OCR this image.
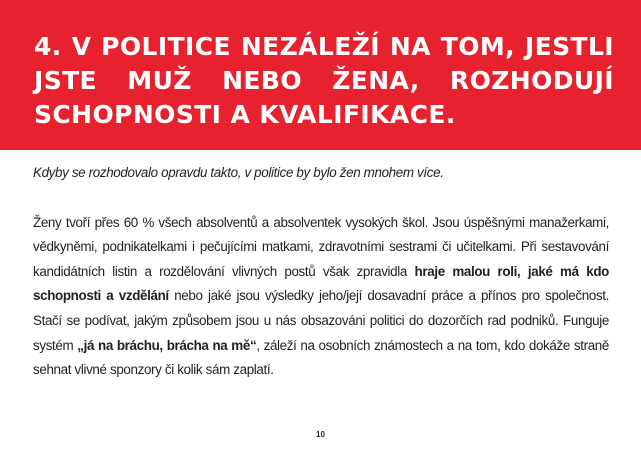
4. V POLITICE NEZÁLEŽÍ NA TOM, JESTLI JSTE MUŽ NEBO ŽENA, ROZHODUJÍ SCHOPNOSTI A KVALIFIKACE.

Kdyby se rozhodovalo opravdu takto, v politice by bylo žen mnohem více.

Ženy tvoří přes 60 % všech absolventů a absolventek vysokých škol. Jsou úspěšnými manažerkami, vědkyněmi, podnikatelkami i pečujícími matkami, zdravotními sestrami či učitelkami. Při sestavování kandidátních listin a rozdělování vlivných postů však zpravidla hraje malou roli, jaké má kdo schopnosti a vzdělání nebo jaké jsou výsledky jeho/její dosavadní práce a přínos pro společnost. Stačí se podívat, jakým způsobem jsou u nás obsazováni politici do dozorčích rad podniků. Funguje systém „já na bráchu, brácha na mě“, záleží na osobních známostech a na tom, kdo dokáže straně sehnat vlivné sponzory či kolik sám zaplatí.

10
